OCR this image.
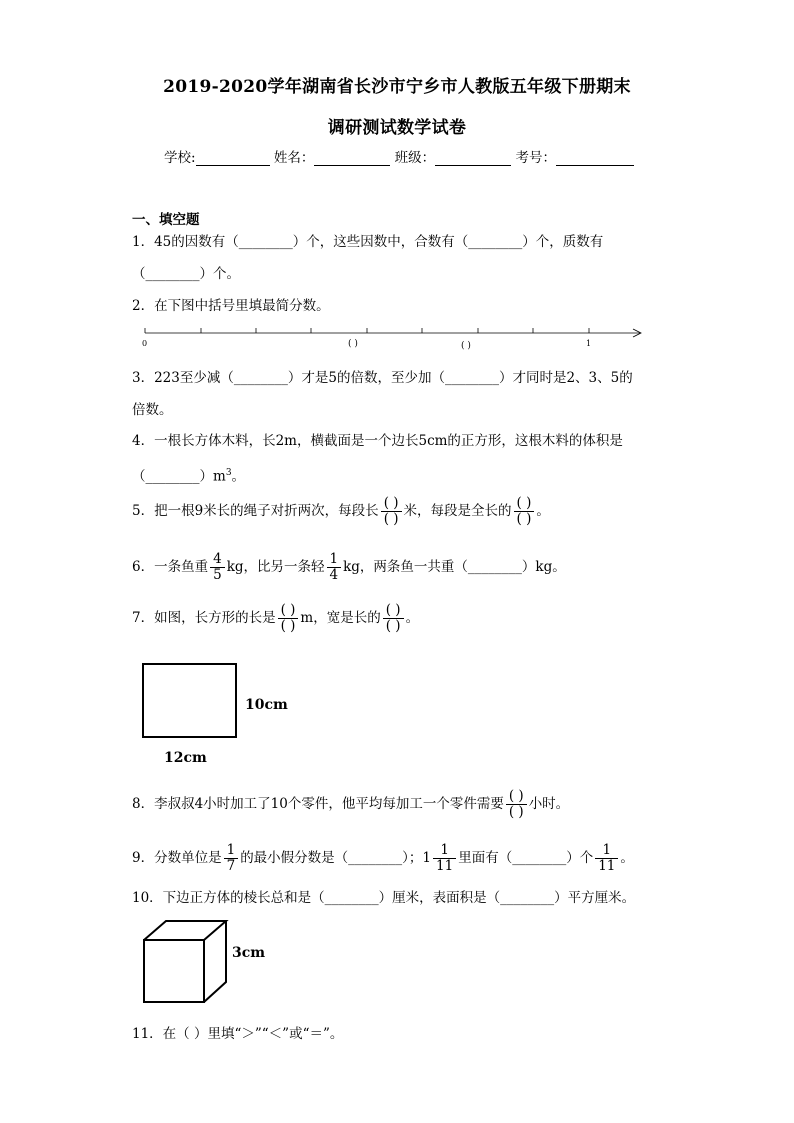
2019-2020学年湖南省长沙市宁乡市人教版五年级下册期末
调研测试数学试卷
学校:	姓名：	班级：	考号：
一、填空题
1．45的因数有（________）个，这些因数中，合数有（________）个，质数有
（________）个。
2．在下图中括号里填最简分数。
0	1
( )	( )
3．223至少减（________）才是5的倍数，至少加（________）才同时是2、3、5的
倍数。
4．一根长方体木料，长2m，横截面是一个边长5cm的正方形，这根木料的体积是
$(\_\_\_\_\_\_\_\_)m^3$。
5．把一根9米长的绳子对折两次，每段长 $\frac{( )}{( )}$ 米，每段是全长的 $\frac{( )}{( )}$ 。
6．一条鱼重 $\frac{4}{5}$ kg，比另一条轻 $\frac{1}{4}$ kg，两条鱼一共重（________）kg。
7．如图，长方形的长是 $\frac{( )}{( )}$ m，宽是长的 $\frac{( )}{( )}$ 。
10cm
12cm
8．李叔叔4小时加工了10个零件，他平均每加工一个零件需要 $\frac{( )}{( )}$ 小时。
9．分数单位是 $\frac{1}{7}$ 的最小假分数是（________）；$1 \frac{1}{11}$ 里面有（________）个 $\frac{1}{11}$ 。
10．下边正方体的棱长总和是（________）厘米，表面积是（________）平方厘米。
3cm
11．在（ ）里填“＞”“＜”或“＝”。
